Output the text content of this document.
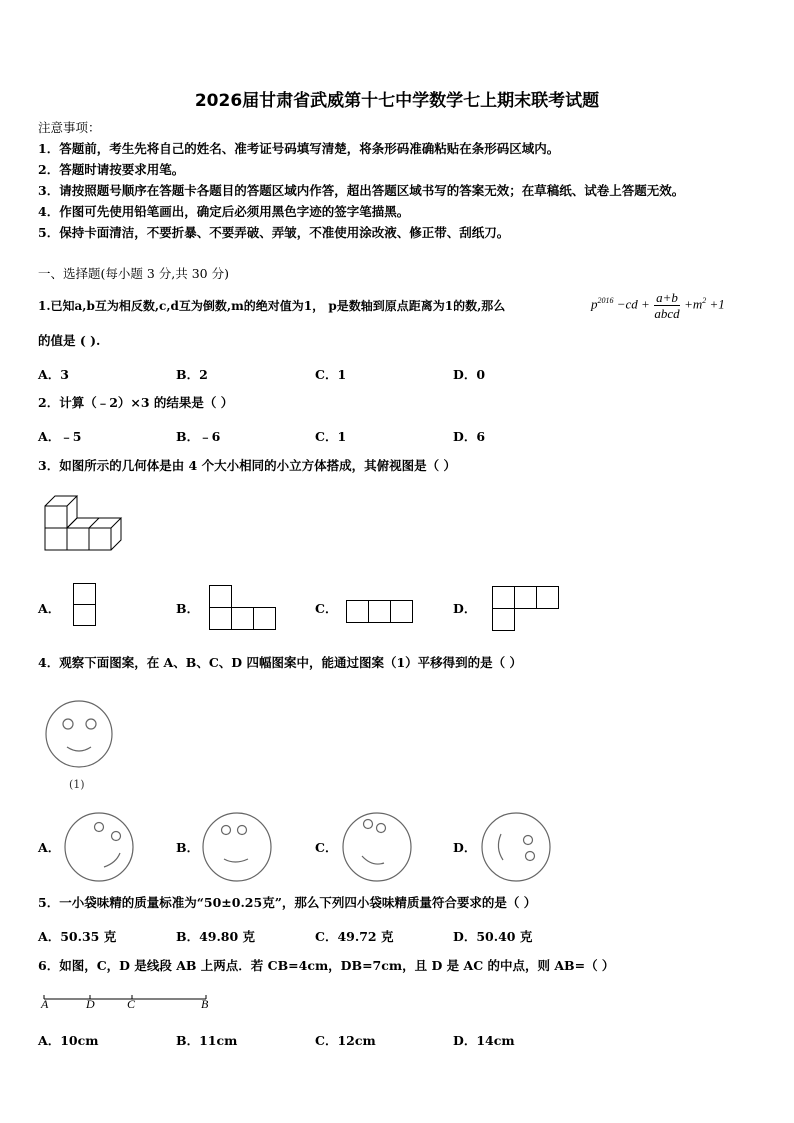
2026届甘肃省武威第十七中学数学七上期末联考试题
注意事项：
1．答题前，考生先将自己的姓名、准考证号码填写清楚，将条形码准确粘贴在条形码区域内。
2．答题时请按要求用笔。
3．请按照题号顺序在答题卡各题目的答题区域内作答，超出答题区域书写的答案无效；在草稿纸、试卷上答题无效。
4．作图可先使用铅笔画出，确定后必须用黑色字迹的签字笔描黑。
5．保持卡面清洁，不要折暴、不要弄破、弄皱，不准使用涂改液、修正带、刮纸刀。
一、选择题(每小题 3 分,共 30 分)
1.已知a,b互为相反数,c,d互为倒数,m的绝对值为1， p是数轴到原点距离为1的数,那么	$p^{2016} -cd + a+b$
abcd
$+m^2 +1$
的值是 ( ).
A．3	B．2	C．1	D．0
2．计算（﹣2）×3 的结果是（ ）
A．﹣5	B．﹣6	C．1	D．6
3．如图所示的几何体是由 4 个大小相同的小立方体搭成，其俯视图是（ ）
A．	B．	C．	D．
4．观察下面图案，在 A、B、C、D 四幅图案中，能通过图案（1）平移得到的是（ ）
(1)
A．	B．	C．	D．
5．一小袋味精的质量标准为“50±0.25克”，那么下列四小袋味精质量符合要求的是（ ）
A．50.35 克	B．49.80 克	C．49.72 克	D．50.40 克
6．如图，C，D 是线段 AB 上两点．若 CB=4cm，DB=7cm，且 D 是 AC 的中点，则 AB=（ ）
A	D	C	B
A．10cm	B．11cm	C．12cm	D．14cm
